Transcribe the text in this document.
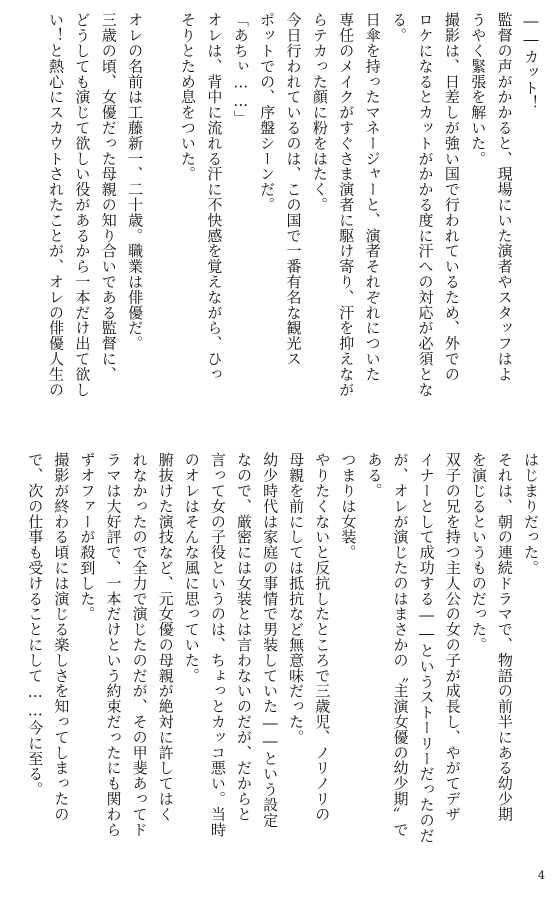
――カット！
監督の声がかかると、現場にいた演者やスタッフはよ
うやく緊張を解いた。
撮影は、日差しが強い国で行われているため、外での
ロケになるとカットがかかる度に汗への対応が必須とな
る。
日傘を持ったマネージャーと、演者それぞれについた
専任のメイクがすぐさま演者に駆け寄り、汗を抑えなが
らテカった顔に粉をはたく。
今日行われているのは、この国で一番有名な観光ス
ポットでの、序盤シーンだ。
「あちぃ……」
オレは、背中に流れる汗に不快感を覚えながら、ひっ
そりとため息をついた。
オレの名前は工藤新一、二十歳。職業は俳優だ。
三歳の頃、女優だった母親の知り合いである監督に、
どうしても演じて欲しい役があるから一本だけ出て欲し
い！と熱心にスカウトされたことが、オレの俳優人生の
はじまりだった。
それは、朝の連続ドラマで、物語の前半にある幼少期
を演じるというものだった。
双子の兄を持つ主人公の女の子が成長し、やがてデザ
イナーとして成功する――というストーリーだったのだ
が、オレが演じたのはまさかの〝主演女優の幼少期〟で
ある。
つまりは女装。
やりたくないと反抗したところで三歳児、ノリノリの
母親を前にしては抵抗など無意味だった。
幼少時代は家庭の事情で男装していた――という設定
なので、厳密には女装とは言わないのだが、だからと
言って女の子役というのは、ちょっとカッコ悪い。当時
のオレはそんな風に思っていた。
腑抜けた演技など、元女優の母親が絶対に許してはく
れなかったので全力で演じたのだが、その甲斐あってド
ラマは大好評で、一本だけという約束だったにも関わら
ずオファーが殺到した。
撮影が終わる頃には演じる楽しさを知ってしまったの
で、次の仕事も受けることにして……今に至る。
4
